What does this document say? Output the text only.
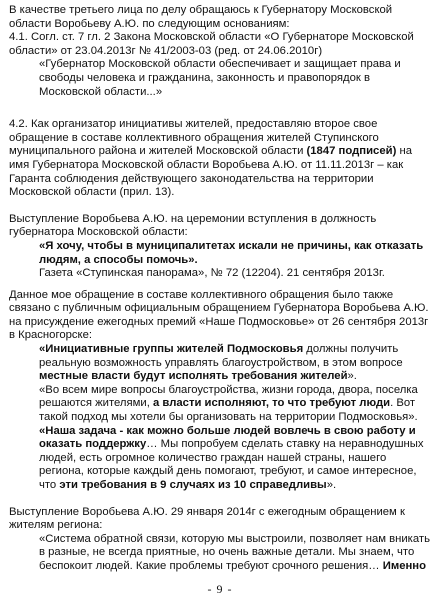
В качестве третьего лица по делу обращаюсь к Губернатору Московской области Воробьеву А.Ю. по следующим основаниям:

4.1. Согл. ст. 7 гл. 2 Закона Московской области «О Губернаторе Московской области» от 23.04.2013г № 41/2003-03 (ред. от 24.06.2010г)

«Губернатор Московской области обеспечивает и защищает права и свободы человека и гражданина, законность и правопорядок в Московской области...»

4.2. Как организатор инициативы жителей, предоставляю второе свое обращение в составе коллективного обращения жителей Ступинского муниципального района и жителей Московской области (1847 подписей) на имя Губернатора Московской области Воробьева А.Ю. от 11.11.2013г – как Гаранта соблюдения действующего законодательства на территории Московской области (прил. 13).

Выступление Воробьева А.Ю. на церемонии вступления в должность губернатора Московской области:

«Я хочу, чтобы в муниципалитетах искали не причины, как отказать людям, а способы помочь».

Газета «Ступинская панорама», № 72 (12204). 21 сентября 2013г.

Данное мое обращение в составе коллективного обращения было также связано с публичным официальным обращением Губернатора Воробьева А.Ю. на присуждение ежегодных премий «Наше Подмосковье» от 26 сентября 2013г в Красногорске:

«Инициативные группы жителей Подмосковья должны получить реальную возможность управлять благоустройством, в этом вопросе местные власти будут исполнять требования жителей».

«Во всем мире вопросы благоустройства, жизни города, двора, поселка решаются жителями, а власти исполняют, то что требуют люди. Вот такой подход мы хотели бы организовать на территории Подмосковья».

«Наша задача - как можно больше людей вовлечь в свою работу и оказать поддержку… Мы попробуем сделать ставку на неравнодушных людей, есть огромное количество граждан нашей страны, нашего региона, которые каждый день помогают, требуют, и самое интересное, что эти требования в 9 случаях из 10 справедливы».

Выступление Воробьева А.Ю. 29 января 2014г с ежегодным обращением к жителям региона:

«Система обратной связи, которую мы выстроили, позволяет нам вникать в разные, не всегда приятные, но очень важные детали. Мы знаем, что беспокоит людей. Какие проблемы требуют срочного решения… Именно

- 9 -
